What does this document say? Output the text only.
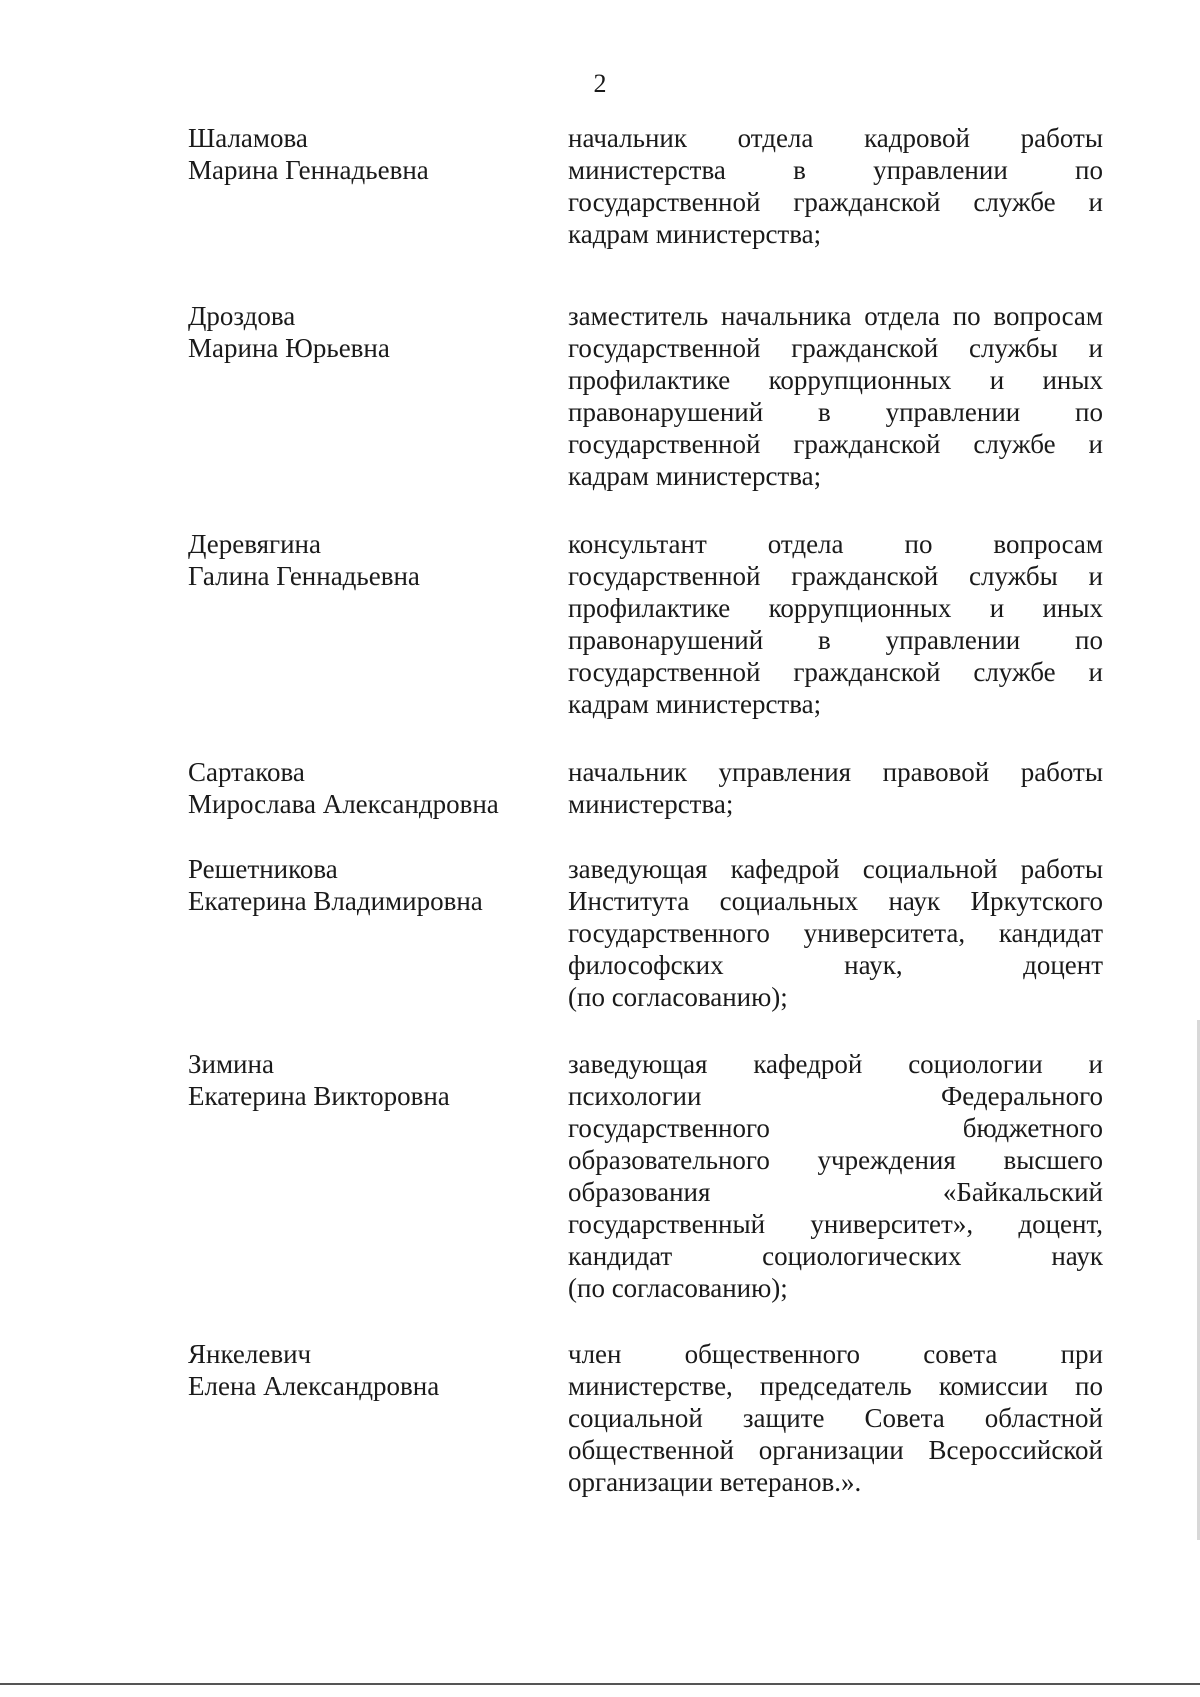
2
Шаламова
Марина Геннадьевна
начальник отдела кадровой работы
министерства в управлении по
государственной гражданской службе и
кадрам министерства;
Дроздова
Марина Юрьевна
заместитель начальника отдела по вопросам
государственной гражданской службы и
профилактике коррупционных и иных
правонарушений в управлении по
государственной гражданской службе и
кадрам министерства;
Деревягина
Галина Геннадьевна
консультант отдела по вопросам
государственной гражданской службы и
профилактике коррупционных и иных
правонарушений в управлении по
государственной гражданской службе и
кадрам министерства;
Сартакова
Мирослава Александровна
начальник управления правовой работы
министерства;
Решетникова
Екатерина Владимировна
заведующая кафедрой социальной работы
Института социальных наук Иркутского
государственного университета, кандидат
философских наук, доцент
(по согласованию);
Зимина
Екатерина Викторовна
заведующая кафедрой социологии и
психологии Федерального
государственного бюджетного
образовательного учреждения высшего
образования «Байкальский
государственный университет», доцент,
кандидат социологических наук
(по согласованию);
Янкелевич
Елена Александровна
член общественного совета при
министерстве, председатель комиссии по
социальной защите Совета областной
общественной организации Всероссийской
организации ветеранов.».
